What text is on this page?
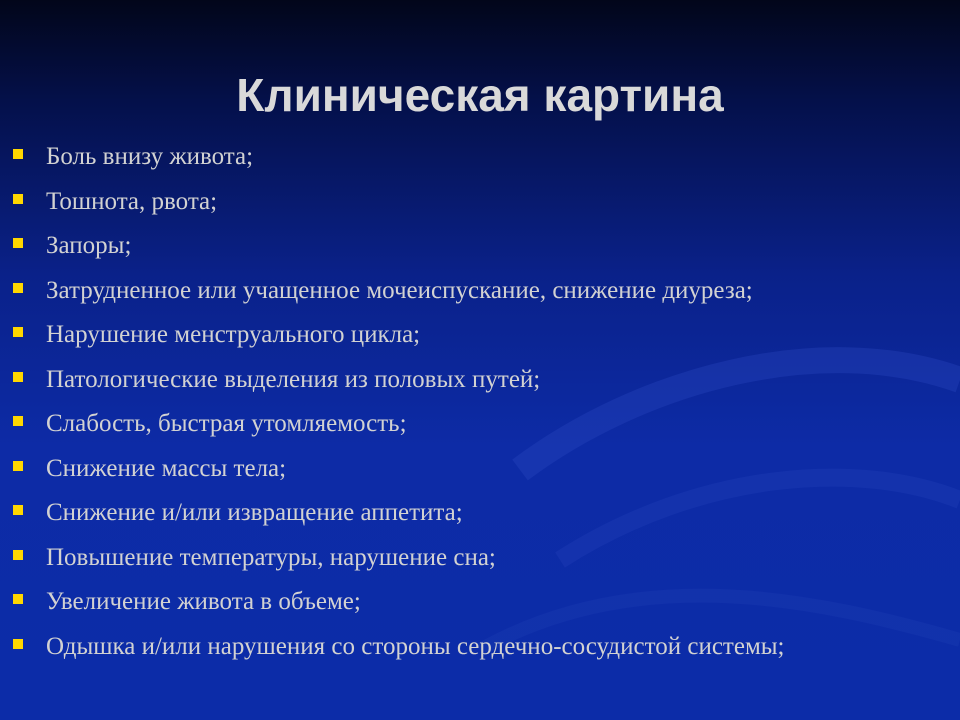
Клиническая картина
Боль внизу живота;
Тошнота, рвота;
Запоры;
Затрудненное или учащенное мочеиспускание, снижение диуреза;
Нарушение менструального цикла;
Патологические выделения из половых путей;
Слабость, быстрая утомляемость;
Снижение массы тела;
Снижение и/или извращение аппетита;
Повышение температуры, нарушение сна;
Увеличение живота в объеме;
Одышка и/или нарушения со стороны сердечно-сосудистой системы;
